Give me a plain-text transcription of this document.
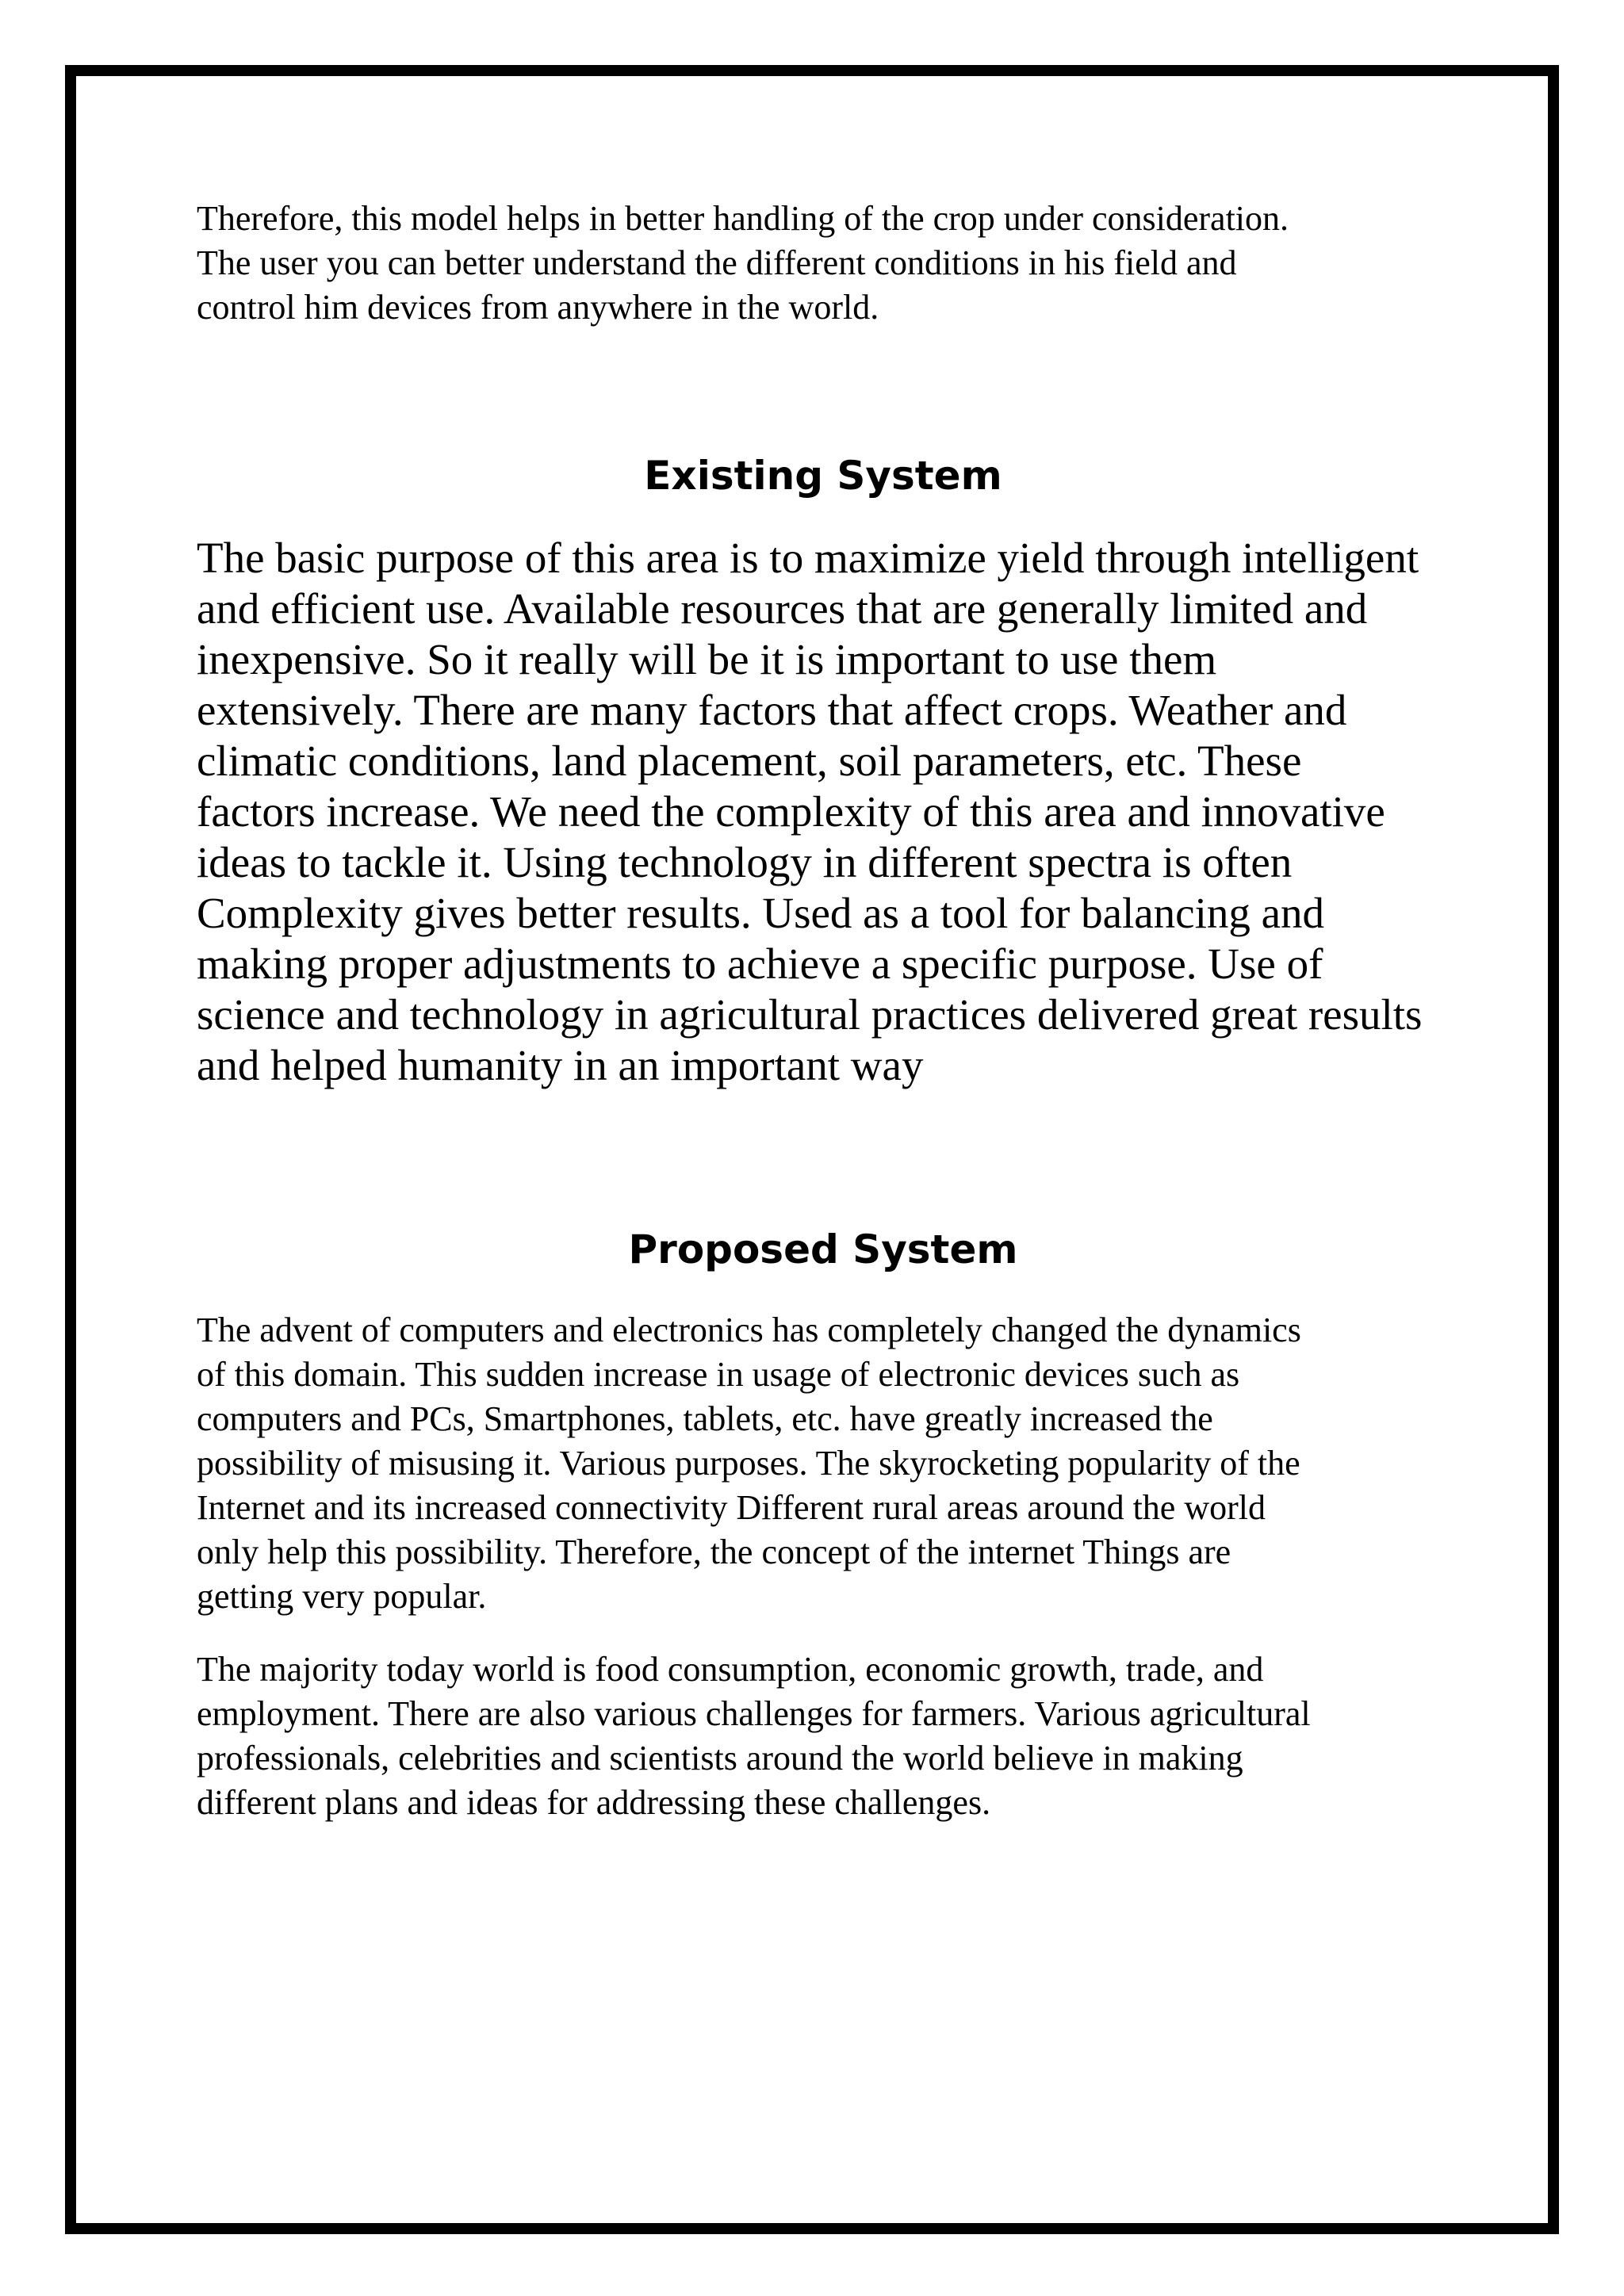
Therefore, this model helps in better handling of the crop under consideration.
The user you can better understand the different conditions in his field and
control him devices from anywhere in the world.

Existing System

The basic purpose of this area is to maximize yield through intelligent
and efficient use. Available resources that are generally limited and
inexpensive. So it really will be it is important to use them
extensively. There are many factors that affect crops. Weather and
climatic conditions, land placement, soil parameters, etc. These
factors increase. We need the complexity of this area and innovative
ideas to tackle it. Using technology in different spectra is often
Complexity gives better results. Used as a tool for balancing and
making proper adjustments to achieve a specific purpose. Use of
science and technology in agricultural practices delivered great results
and helped humanity in an important way

Proposed System

The advent of computers and electronics has completely changed the dynamics
of this domain. This sudden increase in usage of electronic devices such as
computers and PCs, Smartphones, tablets, etc. have greatly increased the
possibility of misusing it. Various purposes. The skyrocketing popularity of the
Internet and its increased connectivity Different rural areas around the world
only help this possibility. Therefore, the concept of the internet Things are
getting very popular.

The majority today world is food consumption, economic growth, trade, and
employment. There are also various challenges for farmers. Various agricultural
professionals, celebrities and scientists around the world believe in making
different plans and ideas for addressing these challenges.
